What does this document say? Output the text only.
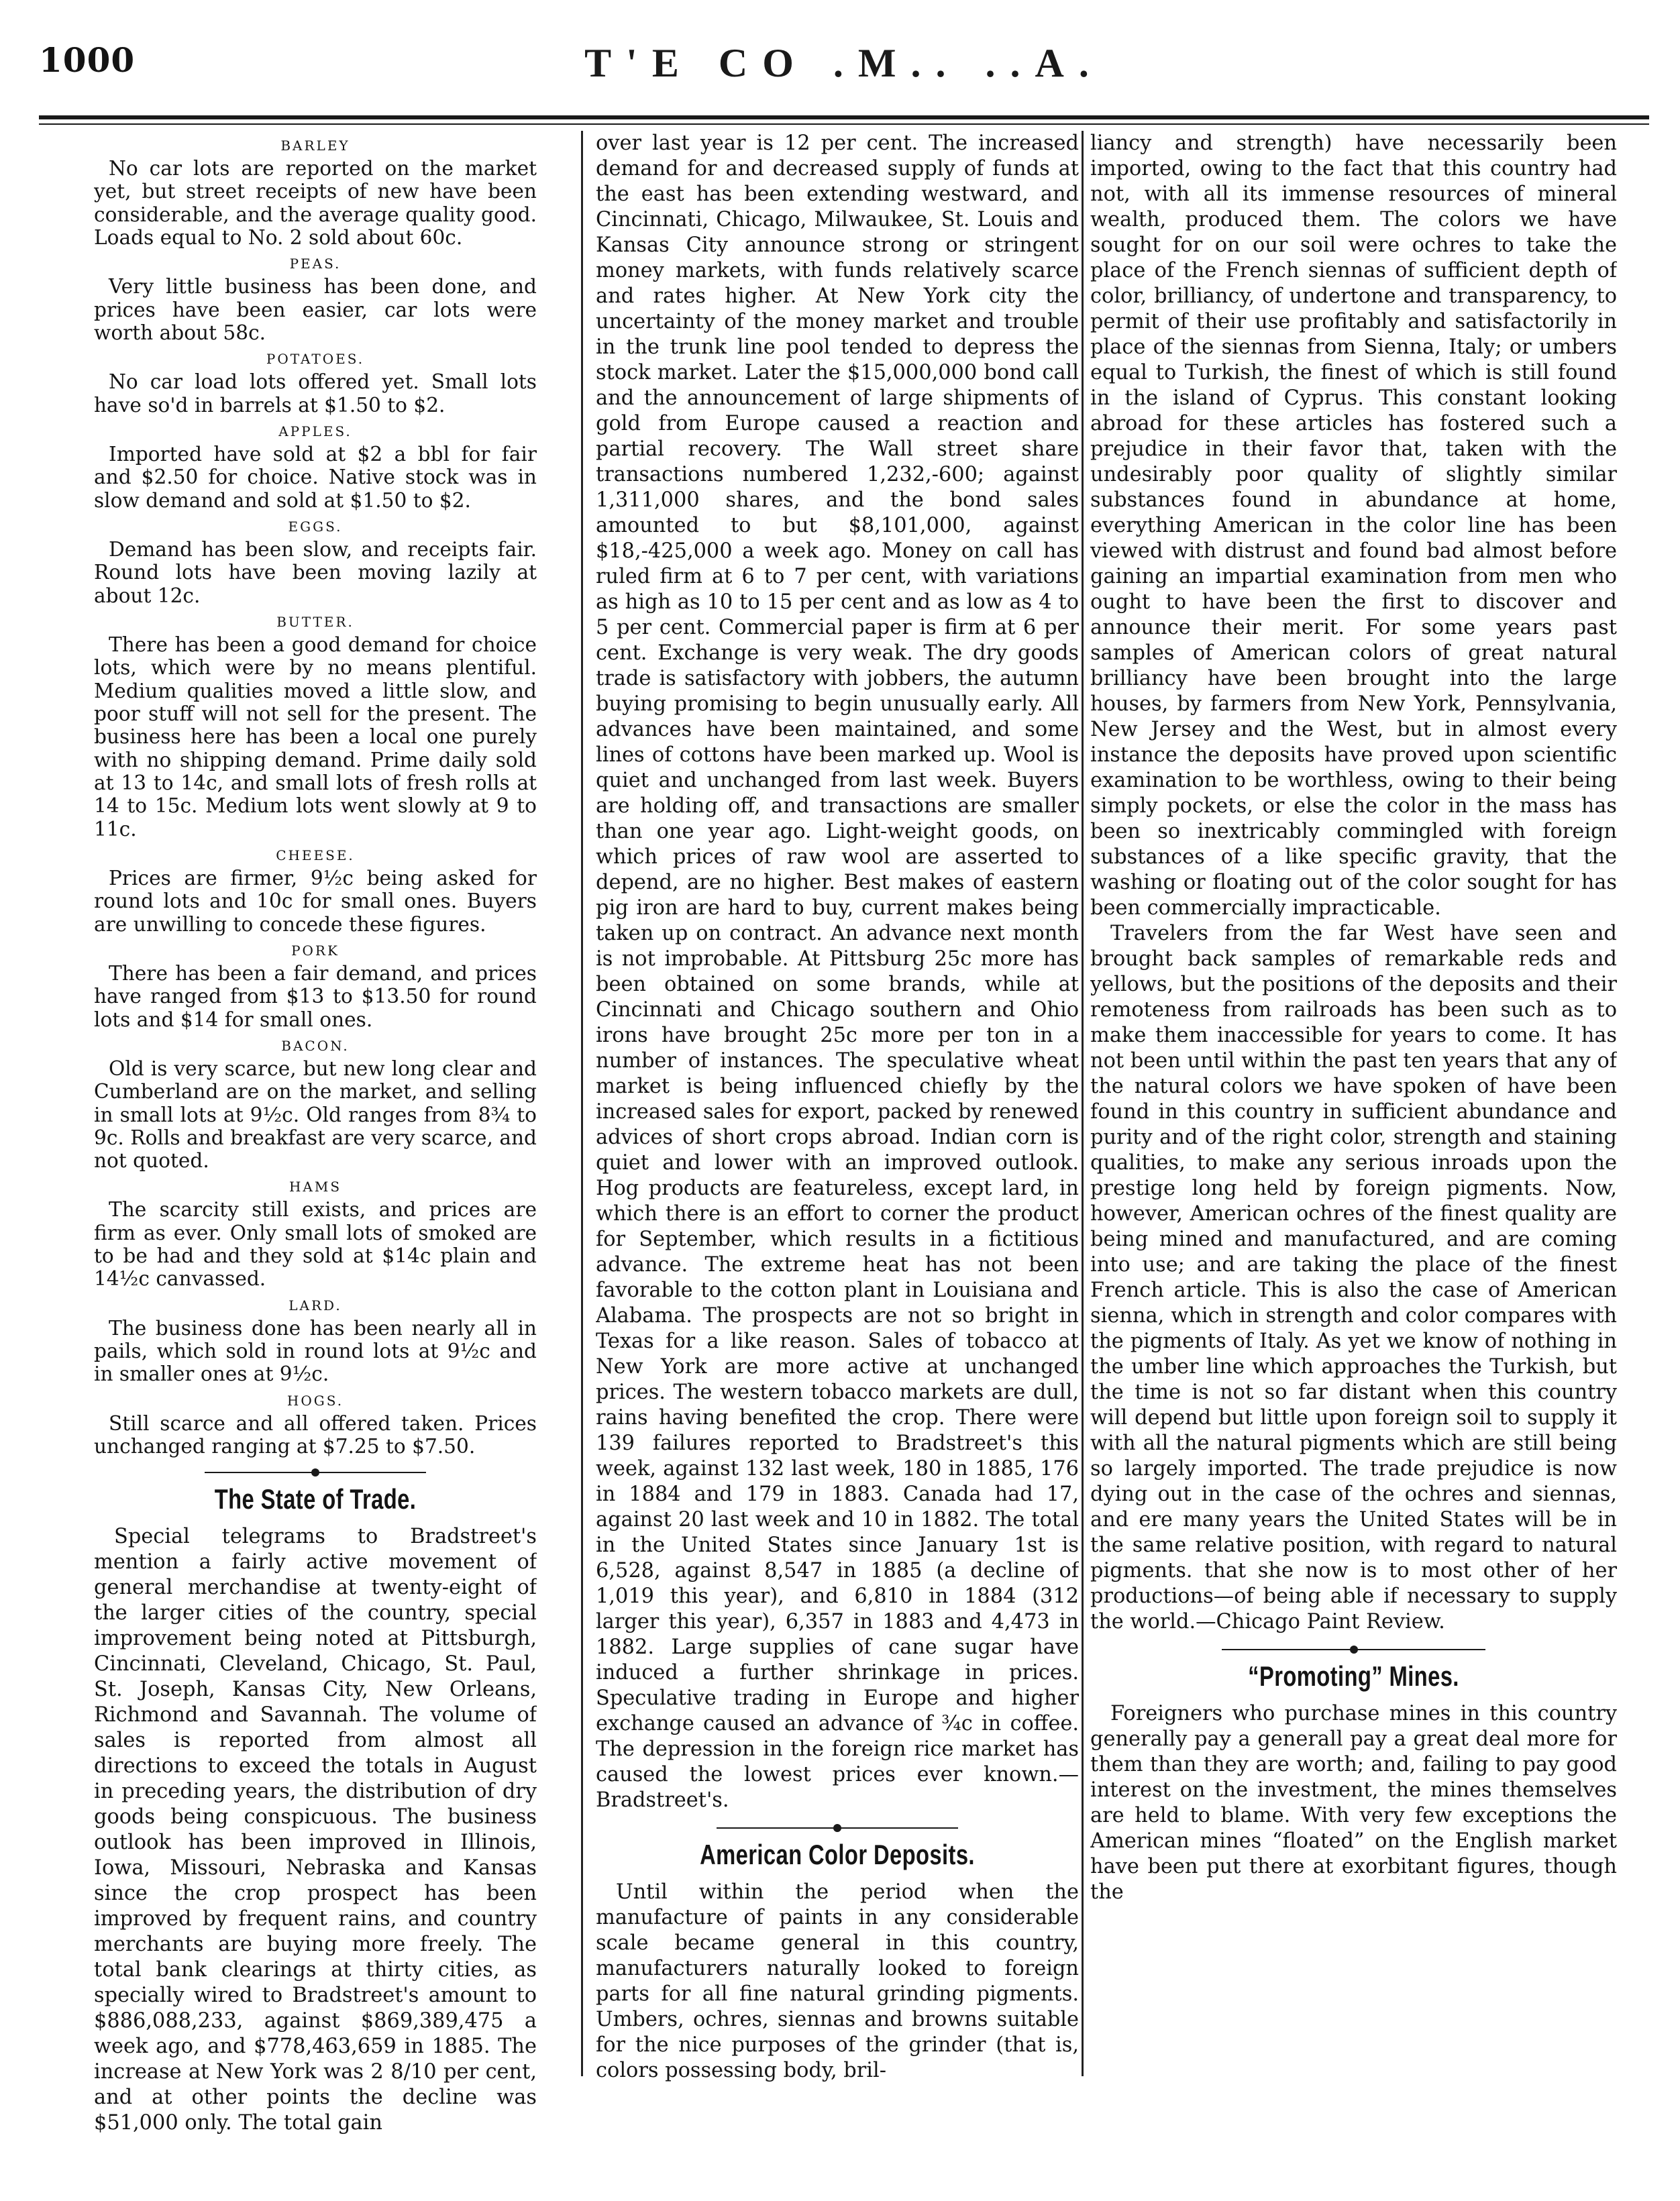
1000	T'E CO .M.. ..A.
BARLEY

No car lots are reported on the market yet, but street receipts of new have been considerable, and the average quality good. Loads equal to No. 2 sold about 60c.

PEAS.

Very little business has been done, and prices have been easier, car lots were worth about 58c.

POTATOES.

No car load lots offered yet. Small lots have so'd in barrels at $1.50 to $2.

APPLES.

Imported have sold at $2 a bbl for fair and $2.50 for choice. Native stock was in slow demand and sold at $1.50 to $2.

EGGS.

Demand has been slow, and receipts fair. Round lots have been moving lazily at about 12c.

BUTTER.

There has been a good demand for choice lots, which were by no means plentiful. Medium qualities moved a little slow, and poor stuff will not sell for the present. The business here has been a local one purely with no shipping demand. Prime daily sold at 13 to 14c, and small lots of fresh rolls at 14 to 15c. Medium lots went slowly at 9 to 11c.

CHEESE.

Prices are firmer, 9½c being asked for round lots and 10c for small ones. Buyers are unwilling to concede these figures.

PORK

There has been a fair demand, and prices have ranged from $13 to $13.50 for round lots and $14 for small ones.

BACON.

Old is very scarce, but new long clear and Cumberland are on the market, and selling in small lots at 9½c. Old ranges from 8¾ to 9c. Rolls and breakfast are very scarce, and not quoted.

HAMS

The scarcity still exists, and prices are firm as ever. Only small lots of smoked are to be had and they sold at $14c plain and 14½c canvassed.

LARD.

The business done has been nearly all in pails, which sold in round lots at 9½c and in smaller ones at 9½c.

HOGS.

Still scarce and all offered taken. Prices unchanged ranging at $7.25 to $7.50.

The State of Trade.

Special telegrams to Bradstreet's mention a fairly active movement of general merchandise at twenty-eight of the larger cities of the country, special improvement being noted at Pittsburgh, Cincinnati, Cleveland, Chicago, St. Paul, St. Joseph, Kansas City, New Orleans, Richmond and Savannah. The volume of sales is reported from almost all directions to exceed the totals in August in preceding years, the distribution of dry goods being conspicuous. The business outlook has been improved in Illinois, Iowa, Missouri, Nebraska and Kansas since the crop prospect has been improved by frequent rains, and country merchants are buying more freely. The total bank clearings at thirty cities, as specially wired to Bradstreet's amount to $886,088,233, against $869,389,475 a week ago, and $778,463,659 in 1885. The increase at New York was 2 8/10 per cent, and at other points the decline was $51,000 only. The total gain

over last year is 12 per cent. The increased demand for and decreased supply of funds at the east has been extending westward, and Cincinnati, Chicago, Milwaukee, St. Louis and Kansas City announce strong or stringent money markets, with funds relatively scarce and rates higher. At New York city the uncertainty of the money market and trouble in the trunk line pool tended to depress the stock market. Later the $15,000,000 bond call and the announcement of large shipments of gold from Europe caused a reaction and partial recovery. The Wall street share transactions numbered 1,232,-600; against 1,311,000 shares, and the bond sales amounted to but $8,101,000, against $18,-425,000 a week ago. Money on call has ruled firm at 6 to 7 per cent, with variations as high as 10 to 15 per cent and as low as 4 to 5 per cent. Commercial paper is firm at 6 per cent. Exchange is very weak. The dry goods trade is satisfactory with jobbers, the autumn buying promising to begin unusually early. All advances have been maintained, and some lines of cottons have been marked up. Wool is quiet and unchanged from last week. Buyers are holding off, and transactions are smaller than one year ago. Light-weight goods, on which prices of raw wool are asserted to depend, are no higher. Best makes of eastern pig iron are hard to buy, current makes being taken up on contract. An advance next month is not improbable. At Pittsburg 25c more has been obtained on some brands, while at Cincinnati and Chicago southern and Ohio irons have brought 25c more per ton in a number of instances. The speculative wheat market is being influenced chiefly by the increased sales for export, packed by renewed advices of short crops abroad. Indian corn is quiet and lower with an improved outlook. Hog products are featureless, except lard, in which there is an effort to corner the product for September, which results in a fictitious advance. The extreme heat has not been favorable to the cotton plant in Louisiana and Alabama. The prospects are not so bright in Texas for a like reason. Sales of tobacco at New York are more active at unchanged prices. The western tobacco markets are dull, rains having benefited the crop. There were 139 failures reported to Bradstreet's this week, against 132 last week, 180 in 1885, 176 in 1884 and 179 in 1883. Canada had 17, against 20 last week and 10 in 1882. The total in the United States since January 1st is 6,528, against 8,547 in 1885 (a decline of 1,019 this year), and 6,810 in 1884 (312 larger this year), 6,357 in 1883 and 4,473 in 1882. Large supplies of cane sugar have induced a further shrinkage in prices. Speculative trading in Europe and higher exchange caused an advance of ¾c in coffee. The depression in the foreign rice market has caused the lowest prices ever known.—Bradstreet's.

American Color Deposits.

Until within the period when the manufacture of paints in any considerable scale became general in this country, manufacturers naturally looked to foreign parts for all fine natural grinding pigments. Umbers, ochres, siennas and browns suitable for the nice purposes of the grinder (that is, colors possessing body, bril-

liancy and strength) have necessarily been imported, owing to the fact that this country had not, with all its immense resources of mineral wealth, produced them. The colors we have sought for on our soil were ochres to take the place of the French siennas of sufficient depth of color, brilliancy, of undertone and transparency, to permit of their use profitably and satisfactorily in place of the siennas from Sienna, Italy; or umbers equal to Turkish, the finest of which is still found in the island of Cyprus. This constant looking abroad for these articles has fostered such a prejudice in their favor that, taken with the undesirably poor quality of slightly similar substances found in abundance at home, everything American in the color line has been viewed with distrust and found bad almost before gaining an impartial examination from men who ought to have been the first to discover and announce their merit. For some years past samples of American colors of great natural brilliancy have been brought into the large houses, by farmers from New York, Pennsylvania, New Jersey and the West, but in almost every instance the deposits have proved upon scientific examination to be worthless, owing to their being simply pockets, or else the color in the mass has been so inextricably commingled with foreign substances of a like specific gravity, that the washing or floating out of the color sought for has been commercially impracticable.

Travelers from the far West have seen and brought back samples of remarkable reds and yellows, but the positions of the deposits and their remoteness from railroads has been such as to make them inaccessible for years to come. It has not been until within the past ten years that any of the natural colors we have spoken of have been found in this country in sufficient abundance and purity and of the right color, strength and staining qualities, to make any serious inroads upon the prestige long held by foreign pigments. Now, however, American ochres of the finest quality are being mined and manufactured, and are coming into use; and are taking the place of the finest French article. This is also the case of American sienna, which in strength and color compares with the pigments of Italy. As yet we know of nothing in the umber line which approaches the Turkish, but the time is not so far distant when this country will depend but little upon foreign soil to supply it with all the natural pigments which are still being so largely imported. The trade prejudice is now dying out in the case of the ochres and siennas, and ere many years the United States will be in the same relative position, with regard to natural pigments. that she now is to most other of her productions—of being able if necessary to supply the world.—Chicago Paint Review.

“Promoting” Mines.

Foreigners who purchase mines in this country generally pay a generall pay a great deal more for them than they are worth; and, failing to pay good interest on the investment, the mines themselves are held to blame. With very few exceptions the American mines “floated” on the English market have been put there at exorbitant figures, though the
